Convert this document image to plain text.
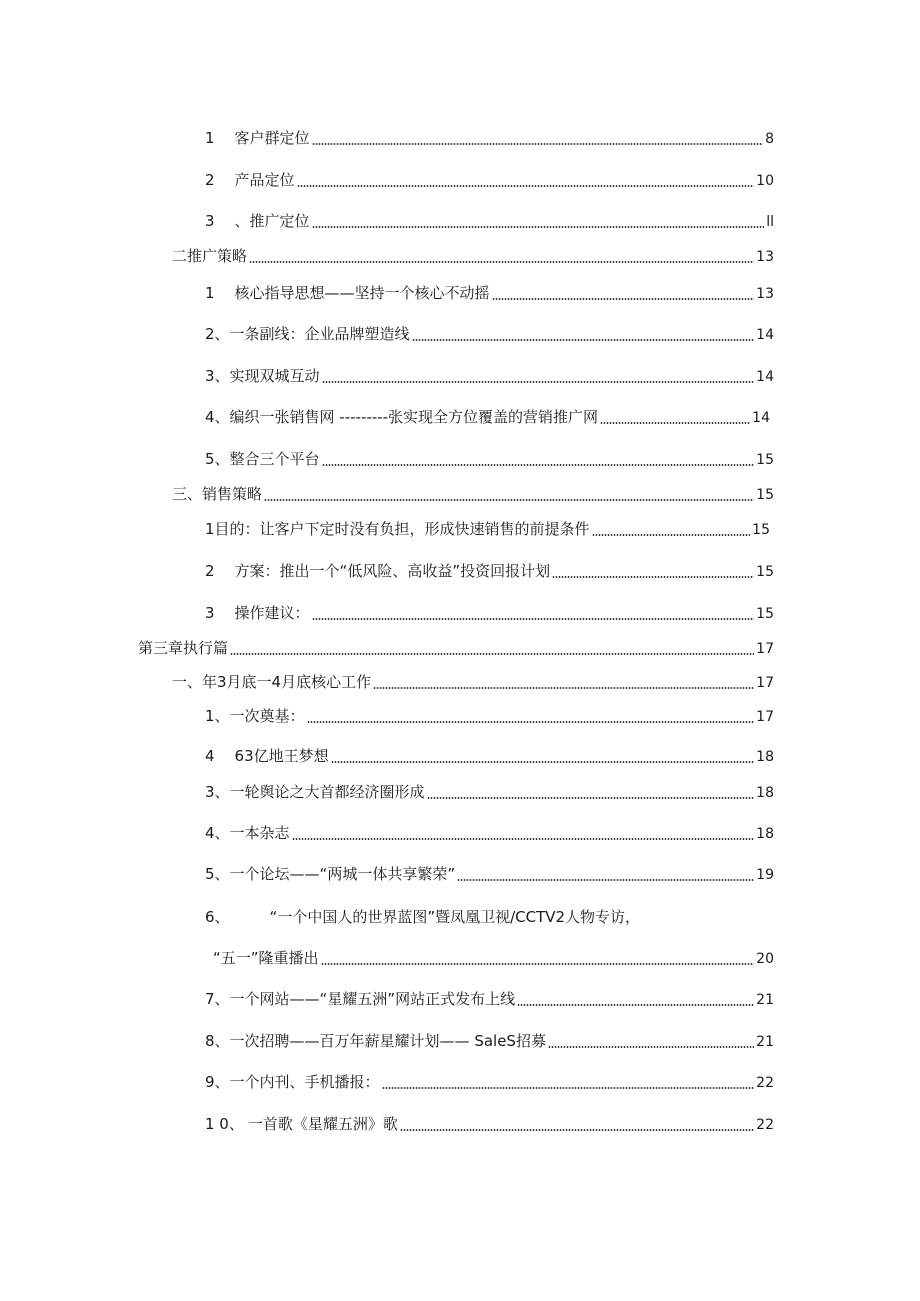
1 客户群定位	8
2 产品定位	10
3 、推广定位	ll
二推广策略	13
1 核心指导思想——坚持一个核心不动摇	13
2、一条副线：企业品牌塑造线	14
3、实现双城互动	14
4、编织一张销售网 ---------张实现全方位覆盖的营销推广网	14
5、整合三个平台	15
三、销售策略	15
1目的：让客户下定时没有负担，形成快速销售的前提条件	15
2 方案：推出一个“低风险、高收益”投资回报计划	15
3 操作建议：	15
第三章执行篇	17
一、年3月底一4月底核心工作	17
1、一次奠基：	17
4 63亿地王梦想	18
3、一轮舆论之大首都经济圈形成	18
4、一本杂志	18
5、一个论坛——“两城一体共享繁荣”	19
6、	“一个中国人的世界蓝图”暨凤凰卫视/CCTV2人物专访，
“五一”隆重播出	20
7、一个网站——“星耀五洲”网站正式发布上线	21
8、一次招聘——百万年薪星耀计划—— SaleS招募	21
9、一个内刊、手机播报：	22
1 0、 一首歌《星耀五洲》歌	22
